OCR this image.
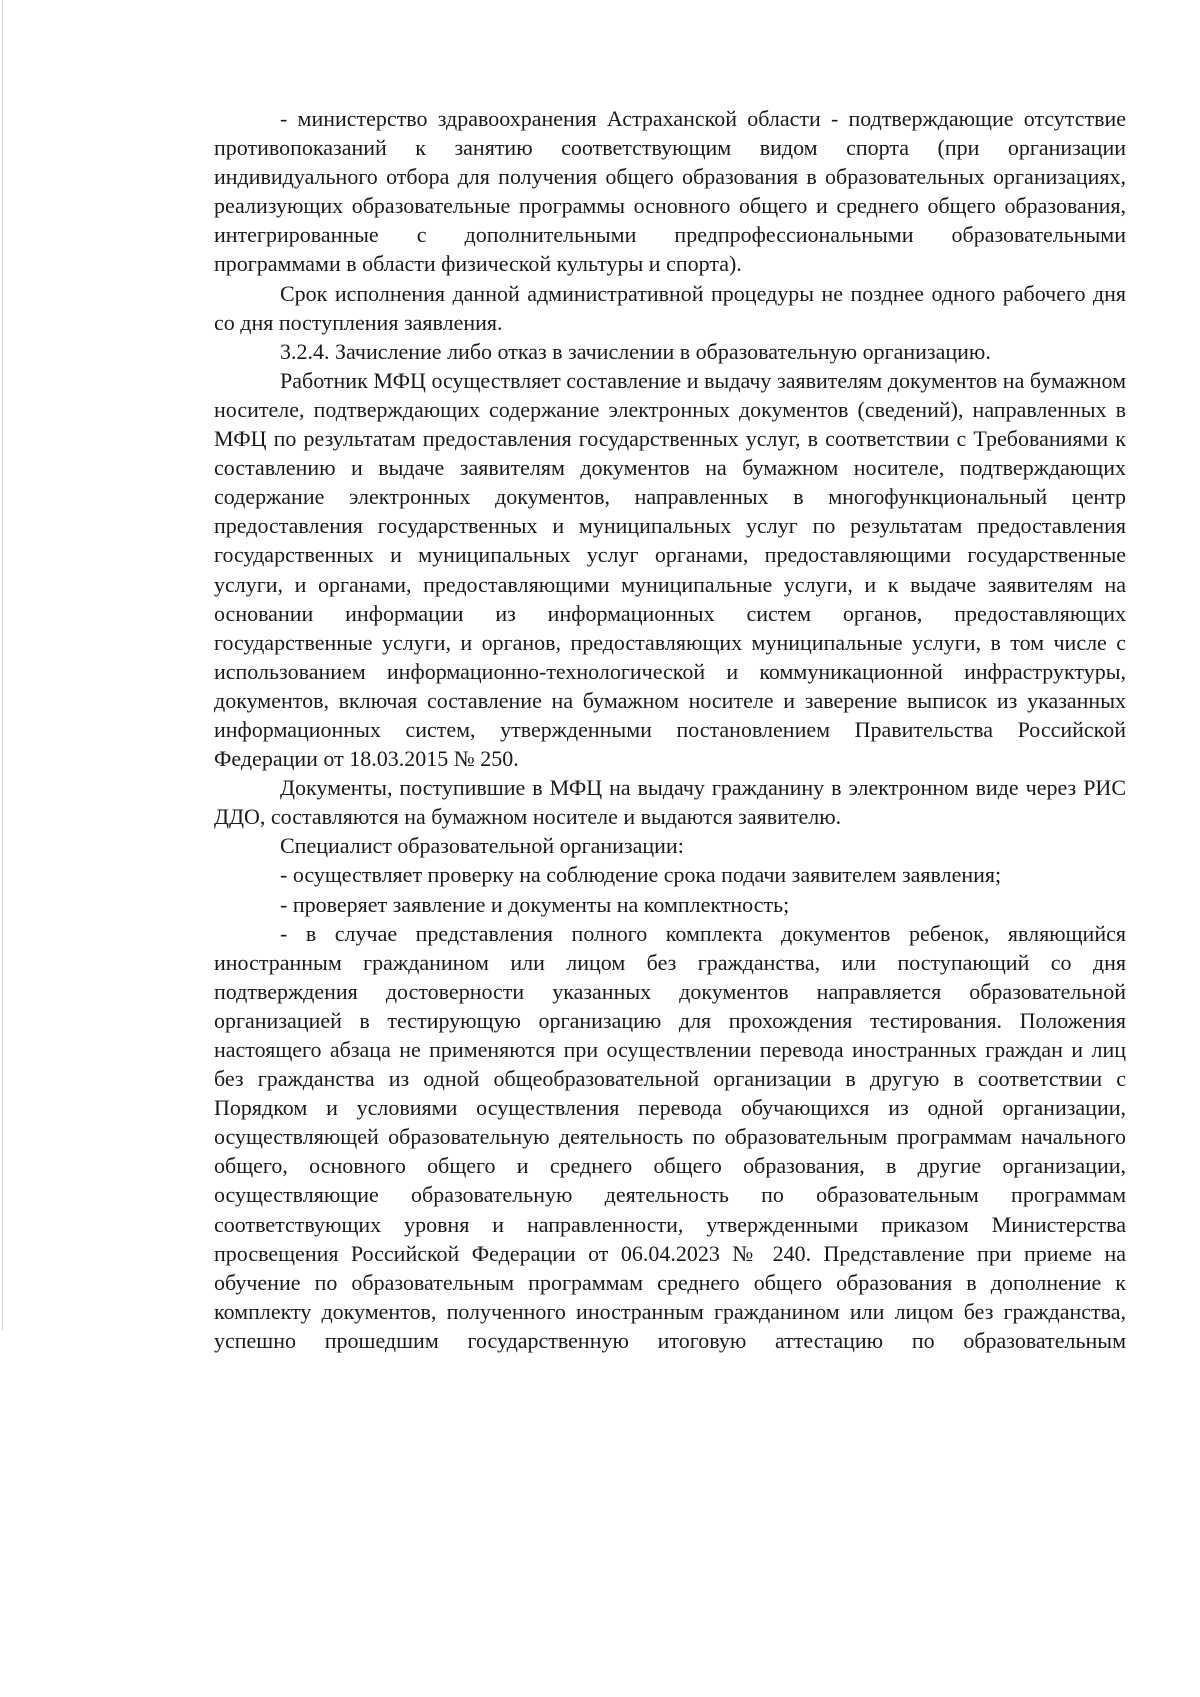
- министерство здравоохранения Астраханской области - подтверждающие отсутствие противопоказаний к занятию соответствующим видом спорта (при организации индивидуального отбора для получения общего образования в образовательных организациях, реализующих образовательные программы основного общего и среднего общего образования, интегрированные с дополнительными предпрофессиональными образовательными программами в области физической культуры и спорта).

Срок исполнения данной административной процедуры не позднее одного рабочего дня со дня поступления заявления.

3.2.4. Зачисление либо отказ в зачислении в образовательную организацию.

Работник МФЦ осуществляет составление и выдачу заявителям документов на бумажном носителе, подтверждающих содержание электронных документов (сведений), направленных в МФЦ по результатам предоставления государственных услуг, в соответствии с Требованиями к составлению и выдаче заявителям документов на бумажном носителе, подтверждающих содержание электронных документов, направленных в многофункциональный центр предоставления государственных и муниципальных услуг по результатам предоставления государственных и муниципальных услуг органами, предоставляющими государственные услуги, и органами, предоставляющими муниципальные услуги, и к выдаче заявителям на основании информации из информационных систем органов, предоставляющих государственные услуги, и органов, предоставляющих муниципальные услуги, в том числе с использованием информационно-технологической и коммуникационной инфраструктуры, документов, включая составление на бумажном носителе и заверение выписок из указанных информационных систем, утвержденными постановлением Правительства Российской Федерации от 18.03.2015 № 250.

Документы, поступившие в МФЦ на выдачу гражданину в электронном виде через РИС ДДО, составляются на бумажном носителе и выдаются заявителю.

Специалист образовательной организации:

- осуществляет проверку на соблюдение срока подачи заявителем заявления;

- проверяет заявление и документы на комплектность;

- в случае представления полного комплекта документов ребенок, являющийся иностранным гражданином или лицом без гражданства, или поступающий со дня подтверждения достоверности указанных документов направляется образовательной организацией в тестирующую организацию для прохождения тестирования. Положения настоящего абзаца не применяются при осуществлении перевода иностранных граждан и лиц без гражданства из одной общеобразовательной организации в другую в соответствии с Порядком и условиями осуществления перевода обучающихся из одной организации, осуществляющей образовательную деятельность по образовательным программам начального общего, основного общего и среднего общего образования, в другие организации, осуществляющие образовательную деятельность по образовательным программам соответствующих уровня и направленности, утвержденными приказом Министерства просвещения Российской Федерации от 06.04.2023 № 240. Представление при приеме на обучение по образовательным программам среднего общего образования в дополнение к комплекту документов, полученного иностранным гражданином или лицом без гражданства, успешно прошедшим государственную итоговую аттестацию по образовательным
